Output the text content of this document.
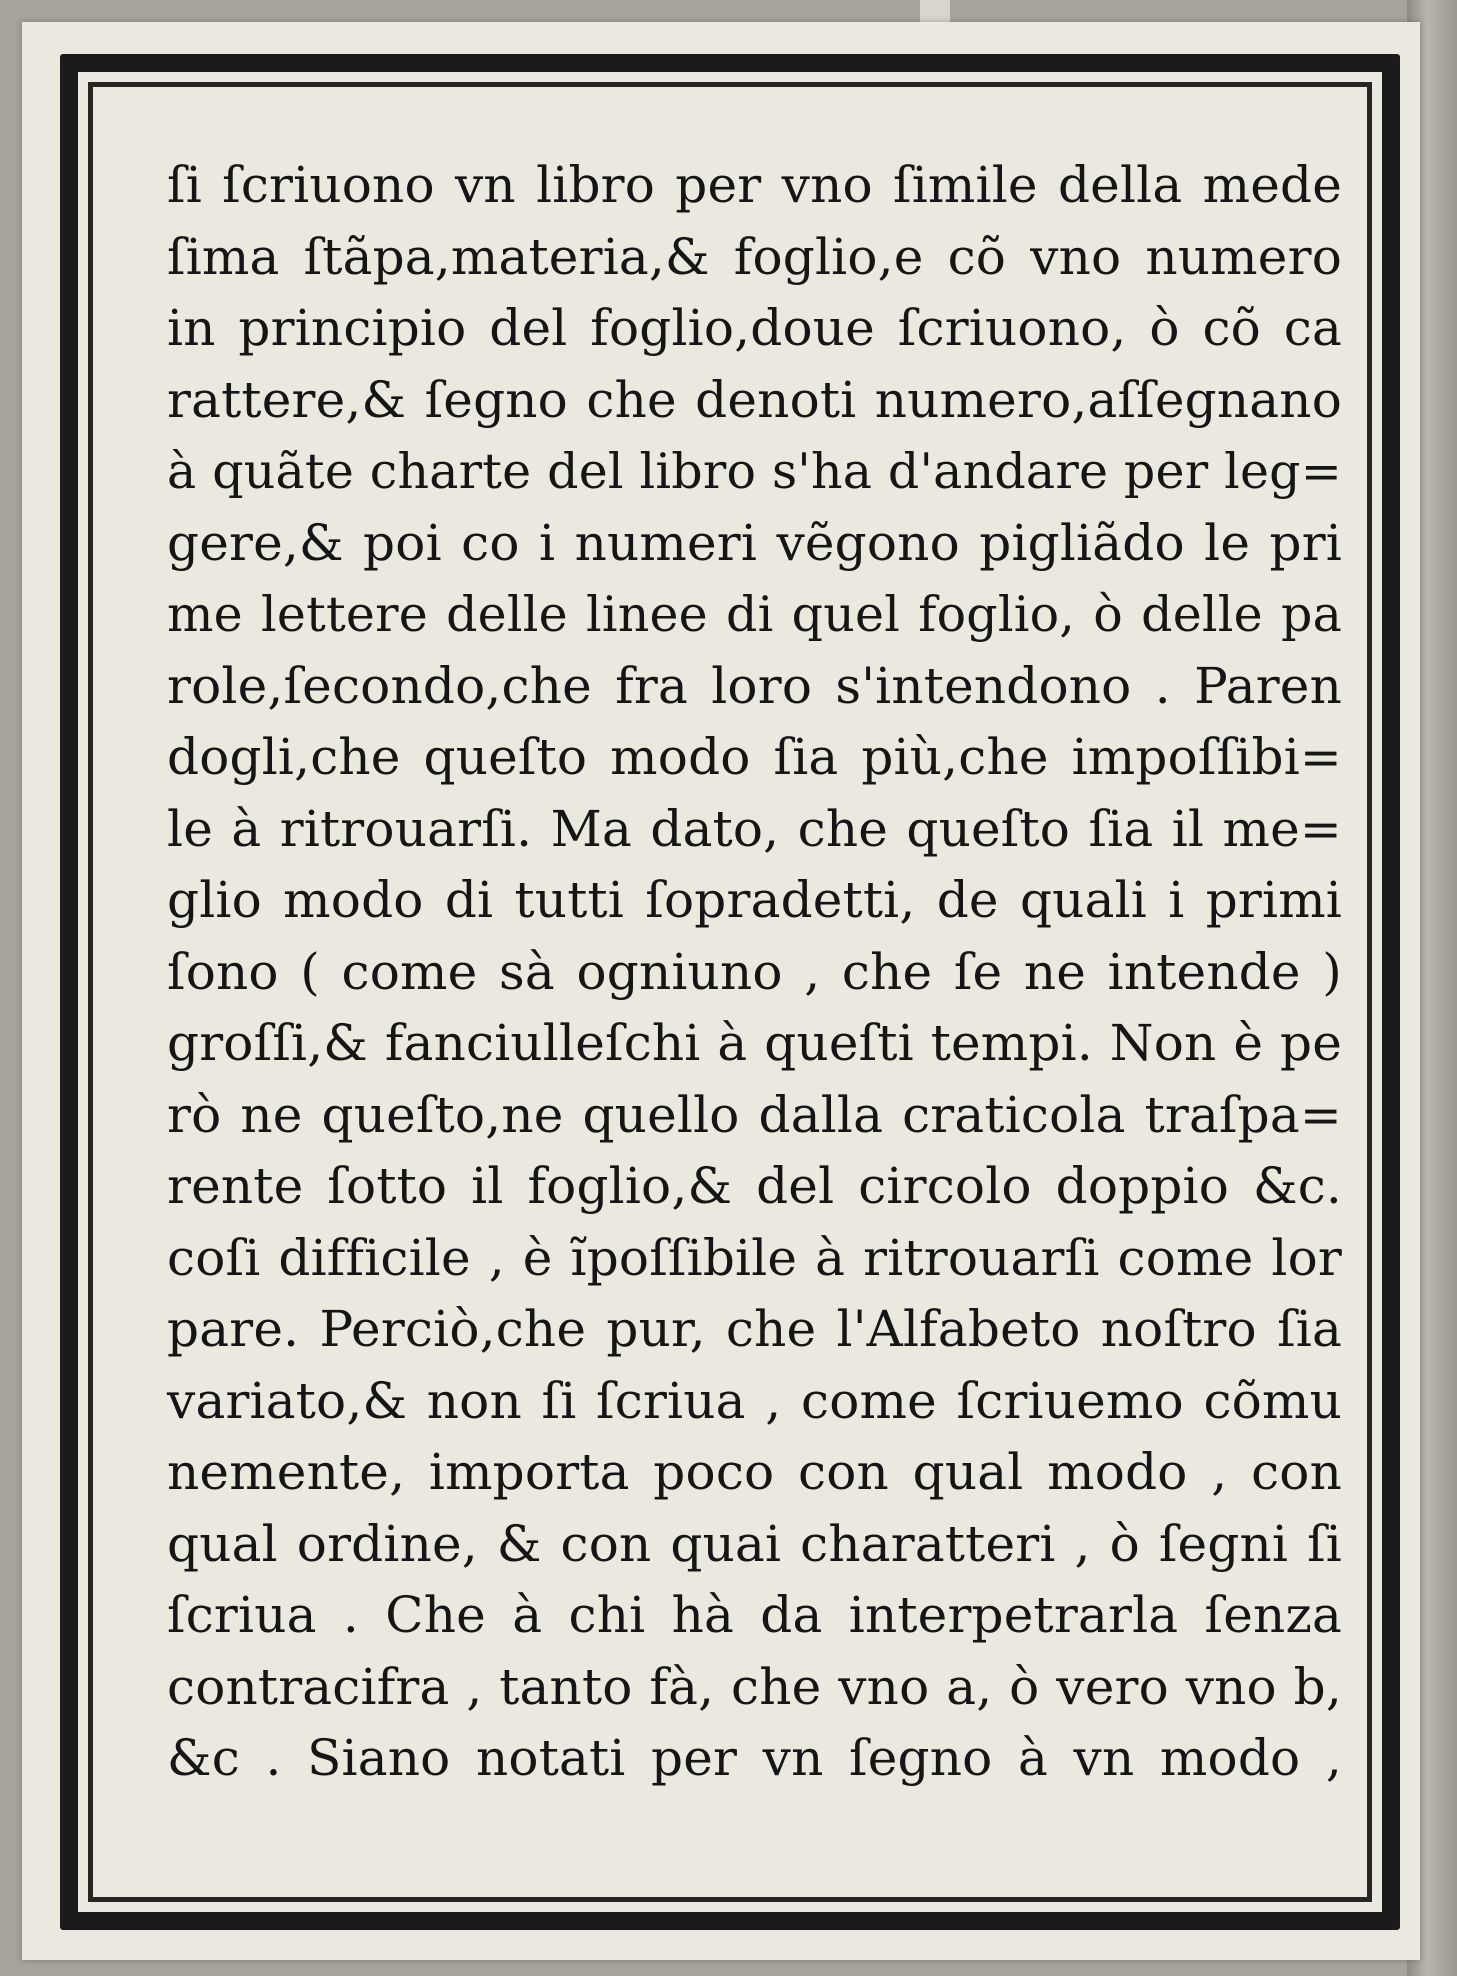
ſi ſcriuono vn libro per vno ſimile della mede
ſima ſtãpa,materia,& foglio,e cõ vno numero
in principio del foglio,doue ſcriuono, ò cõ ca
rattere,& ſegno che denoti numero,aſſegnano
à quãte charte del libro s'ha d'andare per leg=
gere,& poi co i numeri vẽgono pigliãdo le pri
me lettere delle linee di quel foglio, ò delle pa
role,ſecondo,che fra loro s'intendono . Paren
dogli,che queſto modo ſia più,che impoſſibi=
le à ritrouarſi. Ma dato, che queſto ſia il me=
glio modo di tutti ſopradetti, de quali i primi
ſono ( come sà ogniuno , che ſe ne intende )
groſſi,& fanciulleſchi à queſti tempi. Non è pe
rò ne queſto,ne quello dalla craticola traſpa=
rente ſotto il foglio,& del circolo doppio &c.
coſi difficile , è ĩpoſſibile à ritrouarſi come lor
pare. Perciò,che pur, che l'Alfabeto noſtro ſia
variato,& non ſi ſcriua , come ſcriuemo cõmu
nemente, importa poco con qual modo , con
qual ordine, & con quai charatteri , ò ſegni ſi
ſcriua . Che à chi hà da interpetrarla ſenza
contracifra , tanto fà, che vno a, ò vero vno b,
&c . Siano notati per vn ſegno à vn modo ,
